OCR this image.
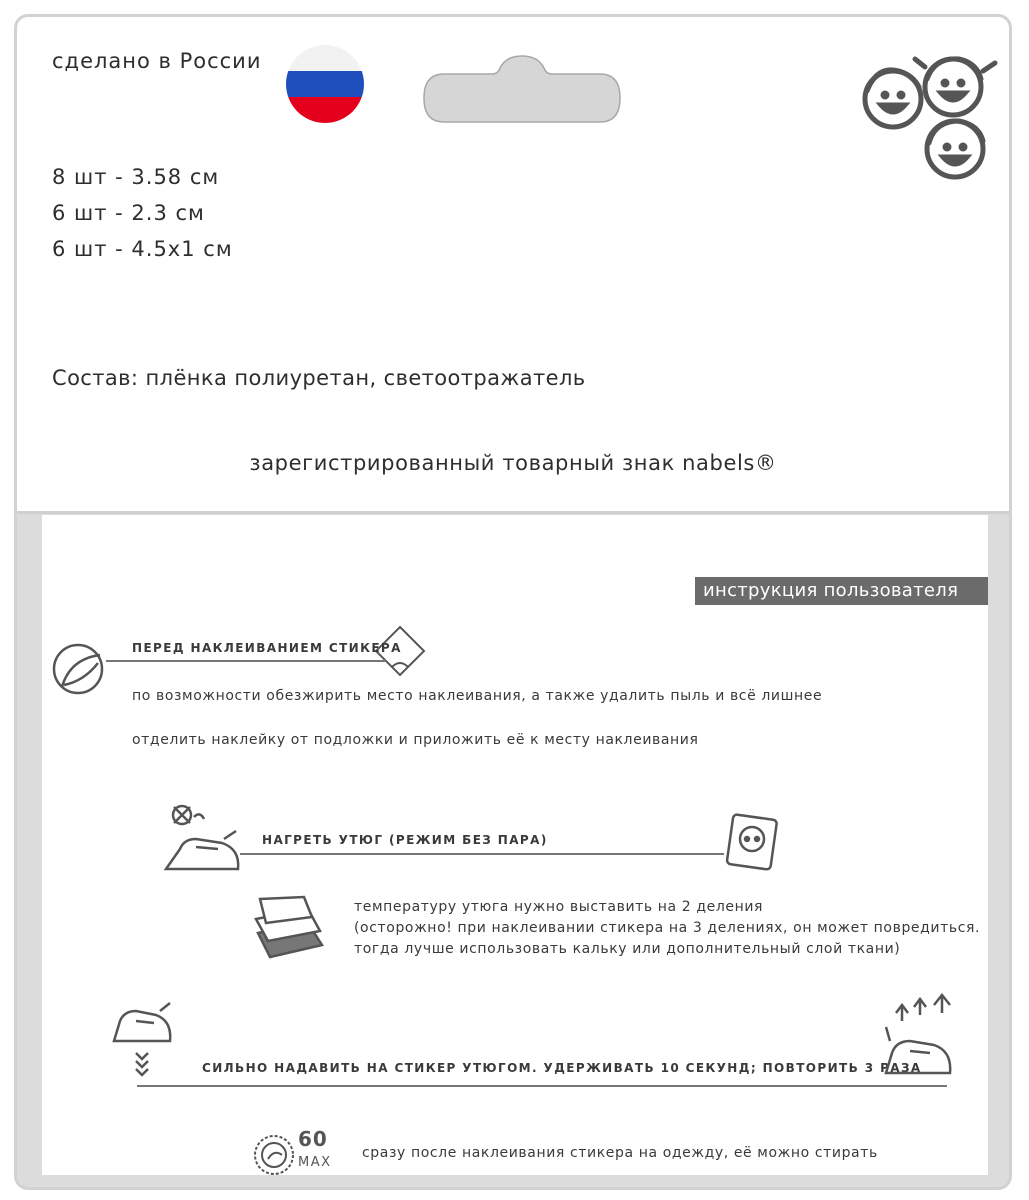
сделано в России
8 шт - 3.58 см
6 шт - 2.3 см
6 шт - 4.5x1 см
Состав: плёнка полиуретан, светоотражатель
зарегистрированный товарный знак nabels®
инструкция пользователя
ПЕРЕД НАКЛЕИВАНИЕМ СТИКЕРА
по возможности обезжирить место наклеивания, а также удалить пыль и всё лишнее
отделить наклейку от подложки и приложить её к месту наклеивания
НАГРЕТЬ УТЮГ (РЕЖИМ БЕЗ ПАРА)
температуру утюга нужно выставить на 2 деления
(осторожно! при наклеивании стикера на 3 делениях, он может повредиться.
тогда лучше использовать кальку или дополнительный слой ткани)
СИЛЬНО НАДАВИТЬ НА СТИКЕР УТЮГОМ. УДЕРЖИВАТЬ 10 СЕКУНД; ПОВТОРИТЬ 3 РАЗА
60
MAX
сразу после наклеивания стикера на одежду, её можно стирать
